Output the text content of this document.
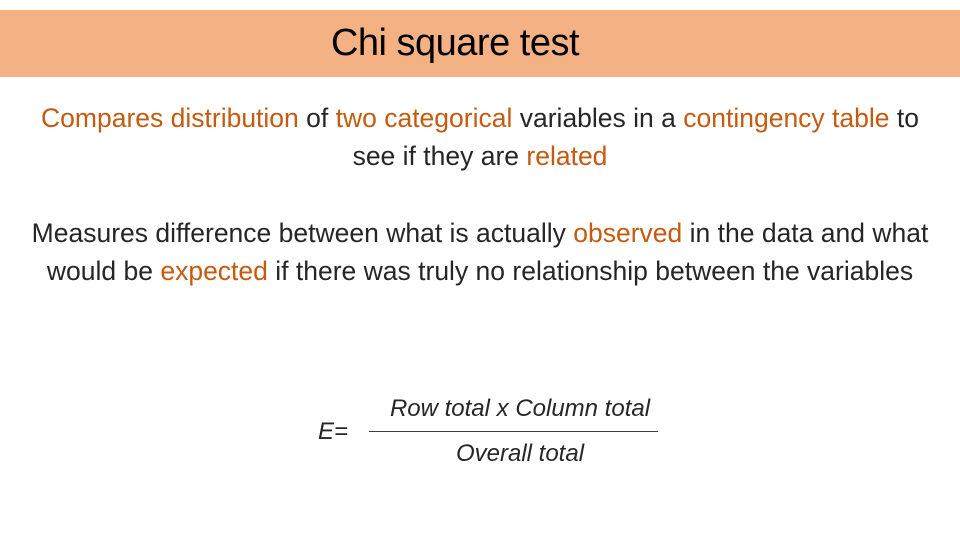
Chi square test
Compares distribution of two categorical variables in a contingency table to see if they are related
Measures difference between what is actually observed in the data and what would be expected if there was truly no relationship between the variables
E=
Row total x Column total
Overall total
